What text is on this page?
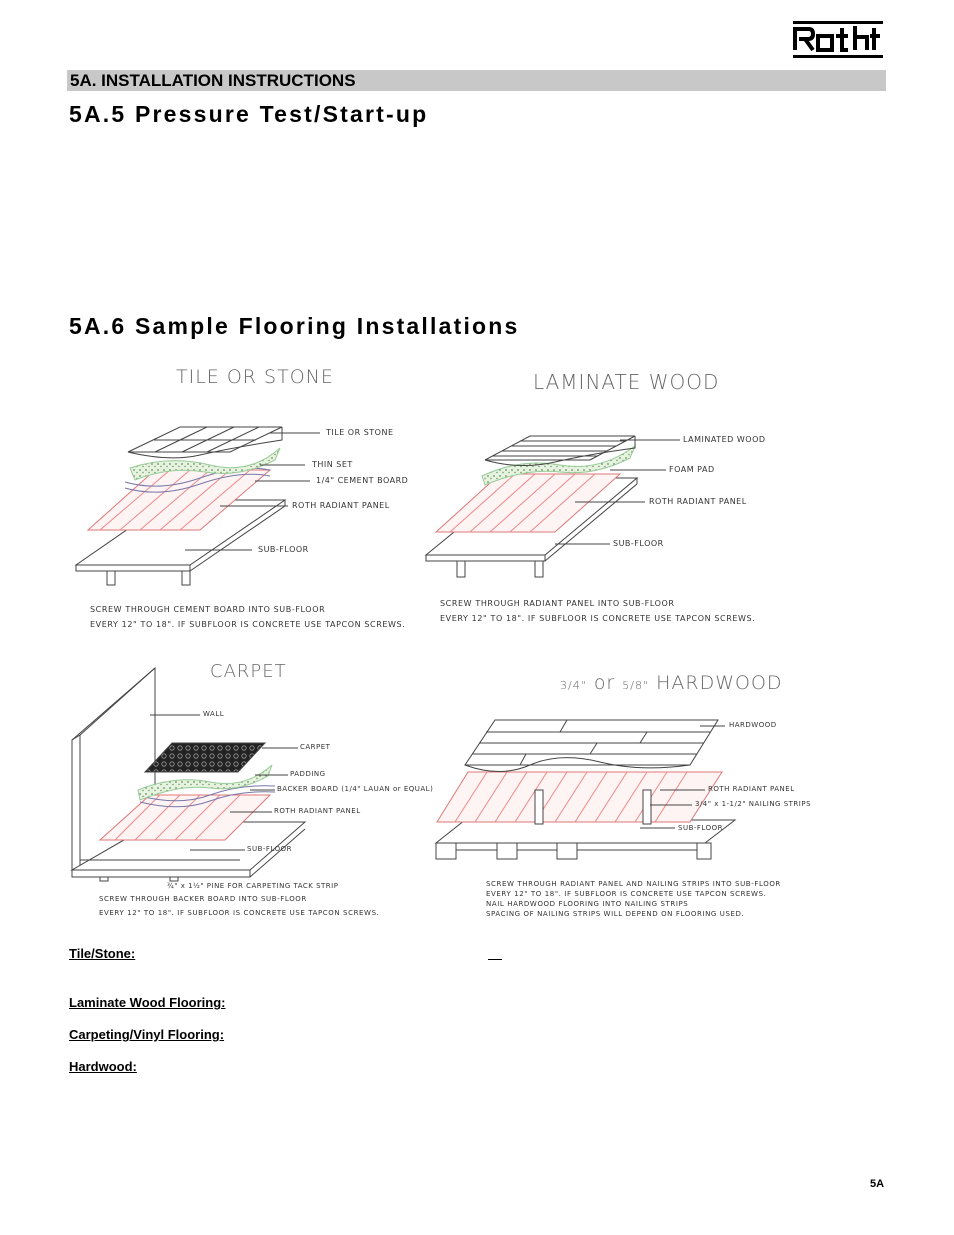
5A. INSTALLATION INSTRUCTIONS
5A.5 Pressure Test/Start-up
5A.6 Sample Flooring Installations
TILE OR STONE	LAMINATE WOOD
CARPET
3/4" or 5/8" HARDWOOD
TILE OR STONE
THIN SET
1/4" CEMENT BOARD
ROTH RADIANT PANEL
SUB-FLOOR
SCREW THROUGH CEMENT BOARD INTO SUB-FLOOR
EVERY 12" TO 18". IF SUBFLOOR IS CONCRETE USE TAPCON SCREWS.
LAMINATED WOOD
FOAM PAD
ROTH RADIANT PANEL
SUB-FLOOR
SCREW THROUGH RADIANT PANEL INTO SUB-FLOOR
EVERY 12" TO 18". IF SUBFLOOR IS CONCRETE USE TAPCON SCREWS.
WALL
CARPET
PADDING
BACKER BOARD (1/4" LAUAN or EQUAL)
ROTH RADIANT PANEL
SUB-FLOOR
¾" x 1½" PINE FOR CARPETING TACK STRIP
SCREW THROUGH BACKER BOARD INTO SUB-FLOOR
EVERY 12" TO 18". IF SUBFLOOR IS CONCRETE USE TAPCON SCREWS.
HARDWOOD
ROTH RADIANT PANEL
3/4" x 1-1/2" NAILING STRIPS
SUB-FLOOR
SCREW THROUGH RADIANT PANEL AND NAILING STRIPS INTO SUB-FLOOR
EVERY 12" TO 18". IF SUBFLOOR IS CONCRETE USE TAPCON SCREWS.
NAIL HARDWOOD FLOORING INTO NAILING STRIPS
SPACING OF NAILING STRIPS WILL DEPEND ON FLOORING USED.
Tile/Stone:
Laminate Wood Flooring:
Carpeting/Vinyl Flooring:
Hardwood:
5A
